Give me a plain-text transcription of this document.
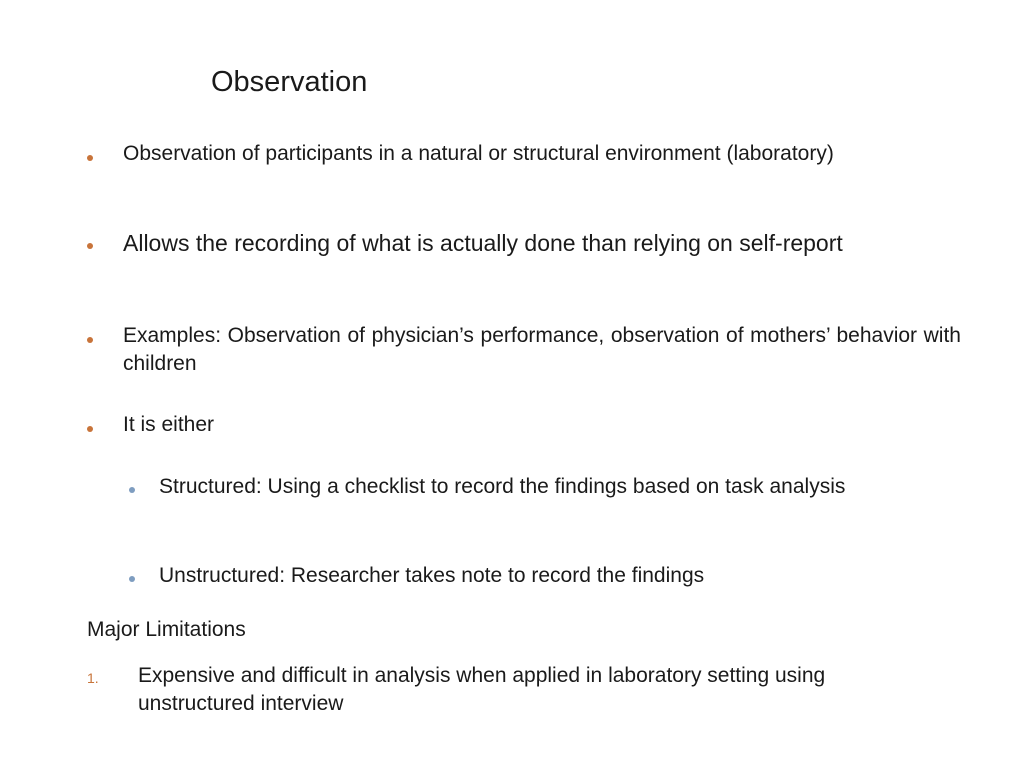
Observation
Observation of participants in a natural or structural environment (laboratory)
Allows the recording of what is actually done than relying on self-report
Examples: Observation of physician’s performance, observation of mothers’ behavior with children
It is either
Structured: Using a checklist to record the findings based on task analysis
Unstructured: Researcher takes note to record the findings
Major Limitations
1. Expensive and difficult in analysis when applied in laboratory setting using unstructured interview
